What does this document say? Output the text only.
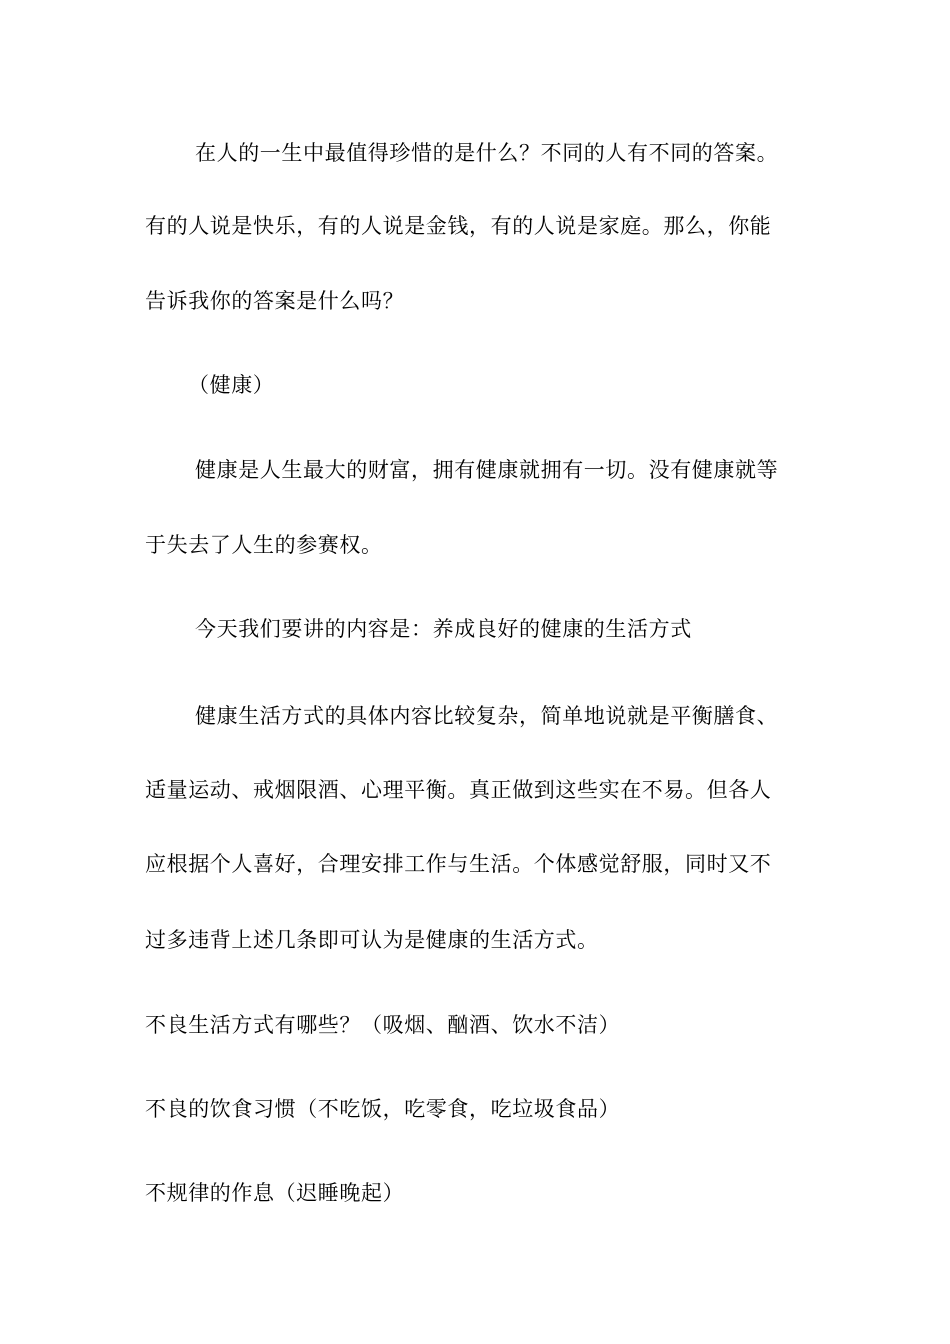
在人的一生中最值得珍惜的是什么？不同的人有不同的答案。
有的人说是快乐，有的人说是金钱，有的人说是家庭。那么，你能
告诉我你的答案是什么吗？
（健康）
健康是人生最大的财富，拥有健康就拥有一切。没有健康就等
于失去了人生的参赛权。
今天我们要讲的内容是：养成良好的健康的生活方式
健康生活方式的具体内容比较复杂，简单地说就是平衡膳食、
适量运动、戒烟限酒、心理平衡。真正做到这些实在不易。但各人
应根据个人喜好，合理安排工作与生活。个体感觉舒服，同时又不
过多违背上述几条即可认为是健康的生活方式。
不良生活方式有哪些？（吸烟、酗酒、饮水不洁）
不良的饮食习惯（不吃饭，吃零食，吃垃圾食品）
不规律的作息（迟睡晚起）
